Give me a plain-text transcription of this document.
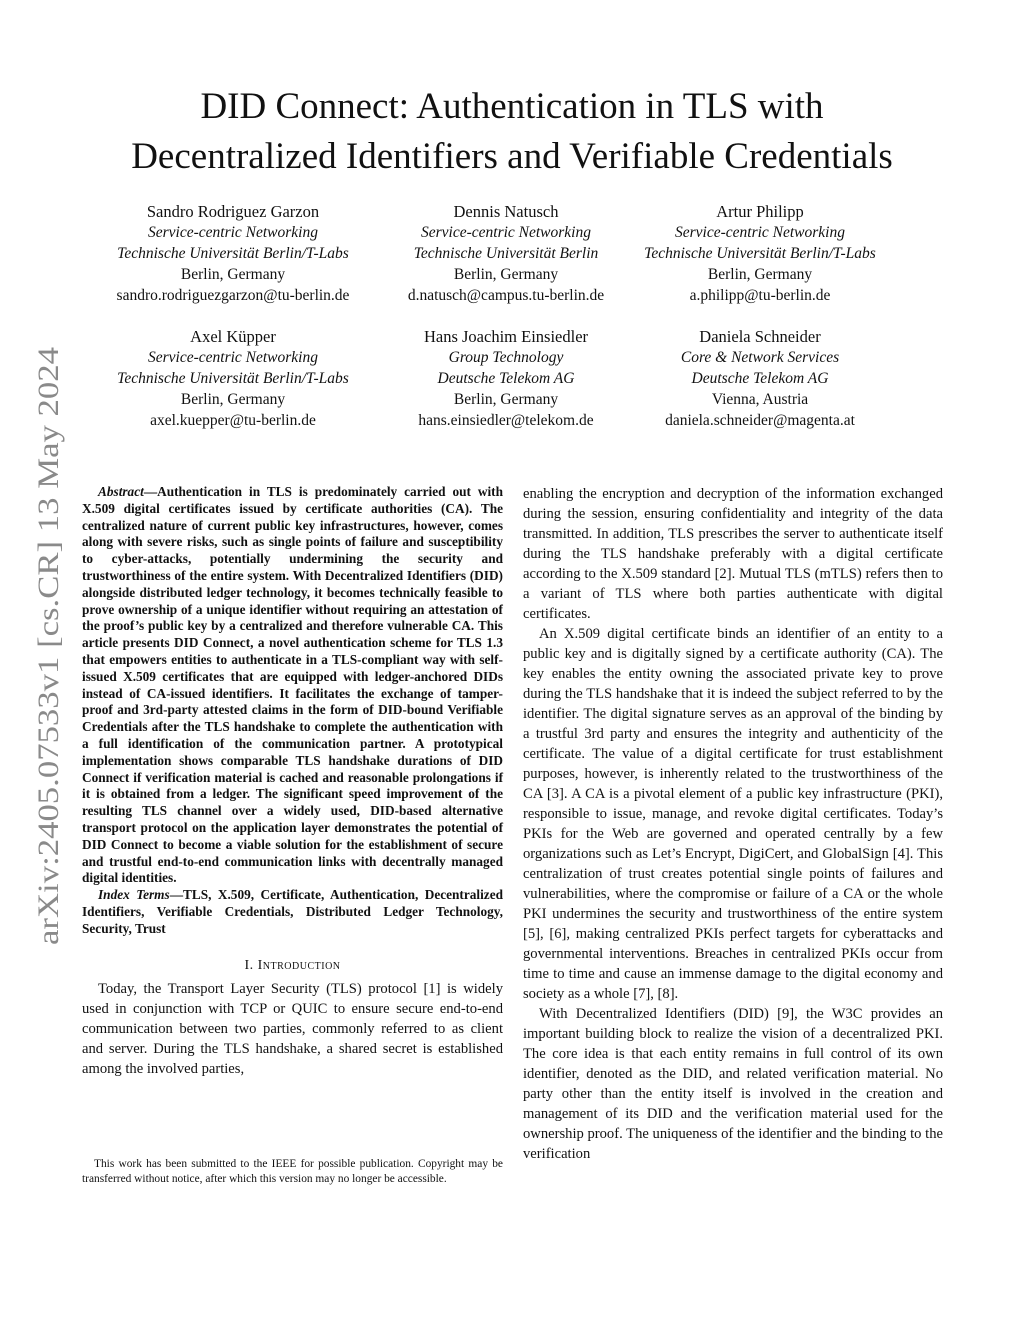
arXiv:2405.07533v1 [cs.CR] 13 May 2024
DID Connect: Authentication in TLS with
Decentralized Identifiers and Verifiable Credentials
Sandro Rodriguez Garzon
Service-centric Networking
Technische Universität Berlin/T-Labs
Berlin, Germany
sandro.rodriguezgarzon@tu-berlin.de
Dennis Natusch
Service-centric Networking
Technische Universität Berlin
Berlin, Germany
d.natusch@campus.tu-berlin.de
Artur Philipp
Service-centric Networking
Technische Universität Berlin/T-Labs
Berlin, Germany
a.philipp@tu-berlin.de
Axel Küpper
Service-centric Networking
Technische Universität Berlin/T-Labs
Berlin, Germany
axel.kuepper@tu-berlin.de
Hans Joachim Einsiedler
Group Technology
Deutsche Telekom AG
Berlin, Germany
hans.einsiedler@telekom.de
Daniela Schneider
Core & Network Services
Deutsche Telekom AG
Vienna, Austria
daniela.schneider@magenta.at

Abstract—Authentication in TLS is predominately carried out with X.509 digital certificates issued by certificate authorities (CA). The centralized nature of current public key infrastructures, however, comes along with severe risks, such as single points of failure and susceptibility to cyber-attacks, potentially undermining the security and trustworthiness of the entire system. With Decentralized Identifiers (DID) alongside distributed ledger technology, it becomes technically feasible to prove ownership of a unique identifier without requiring an attestation of the proof’s public key by a centralized and therefore vulnerable CA. This article presents DID Connect, a novel authentication scheme for TLS 1.3 that empowers entities to authenticate in a TLS-compliant way with self-issued X.509 certificates that are equipped with ledger-anchored DIDs instead of CA-issued identifiers. It facilitates the exchange of tamper-proof and 3rd-party attested claims in the form of DID-bound Verifiable Credentials after the TLS handshake to complete the authentication with a full identification of the communication partner. A prototypical implementation shows comparable TLS handshake durations of DID Connect if verification material is cached and reasonable prolongations if it is obtained from a ledger. The significant speed improvement of the resulting TLS channel over a widely used, DID-based alternative transport protocol on the application layer demonstrates the potential of DID Connect to become a viable solution for the establishment of secure and trustful end-to-end communication links with decentrally managed digital identities.

Index Terms—TLS, X.509, Certificate, Authentication, Decentralized Identifiers, Verifiable Credentials, Distributed Ledger Technology, Security, Trust

I. Introduction

Today, the Transport Layer Security (TLS) protocol [1] is widely used in conjunction with TCP or QUIC to ensure secure end-to-end communication between two parties, commonly referred to as client and server. During the TLS handshake, a shared secret is established among the involved parties,

This work has been submitted to the IEEE for possible publication. Copyright may be transferred without notice, after which this version may no longer be accessible.

enabling the encryption and decryption of the information exchanged during the session, ensuring confidentiality and integrity of the data transmitted. In addition, TLS prescribes the server to authenticate itself during the TLS handshake preferably with a digital certificate according to the X.509 standard [2]. Mutual TLS (mTLS) refers then to a variant of TLS where both parties authenticate with digital certificates.

An X.509 digital certificate binds an identifier of an entity to a public key and is digitally signed by a certificate authority (CA). The key enables the entity owning the associated private key to prove during the TLS handshake that it is indeed the subject referred to by the identifier. The digital signature serves as an approval of the binding by a trustful 3rd party and ensures the integrity and authenticity of the certificate. The value of a digital certificate for trust establishment purposes, however, is inherently related to the trustworthiness of the CA [3]. A CA is a pivotal element of a public key infrastructure (PKI), responsible to issue, manage, and revoke digital certificates. Today’s PKIs for the Web are governed and operated centrally by a few organizations such as Let’s Encrypt, DigiCert, and GlobalSign [4]. This centralization of trust creates potential single points of failures and vulnerabilities, where the compromise or failure of a CA or the whole PKI undermines the security and trustworthiness of the entire system [5], [6], making centralized PKIs perfect targets for cyberattacks and governmental interventions. Breaches in centralized PKIs occur from time to time and cause an immense damage to the digital economy and society as a whole [7], [8].

With Decentralized Identifiers (DID) [9], the W3C provides an important building block to realize the vision of a decentralized PKI. The core idea is that each entity remains in full control of its own identifier, denoted as the DID, and related verification material. No party other than the entity itself is involved in the creation and management of its DID and the verification material used for the ownership proof. The uniqueness of the identifier and the binding to the verification
